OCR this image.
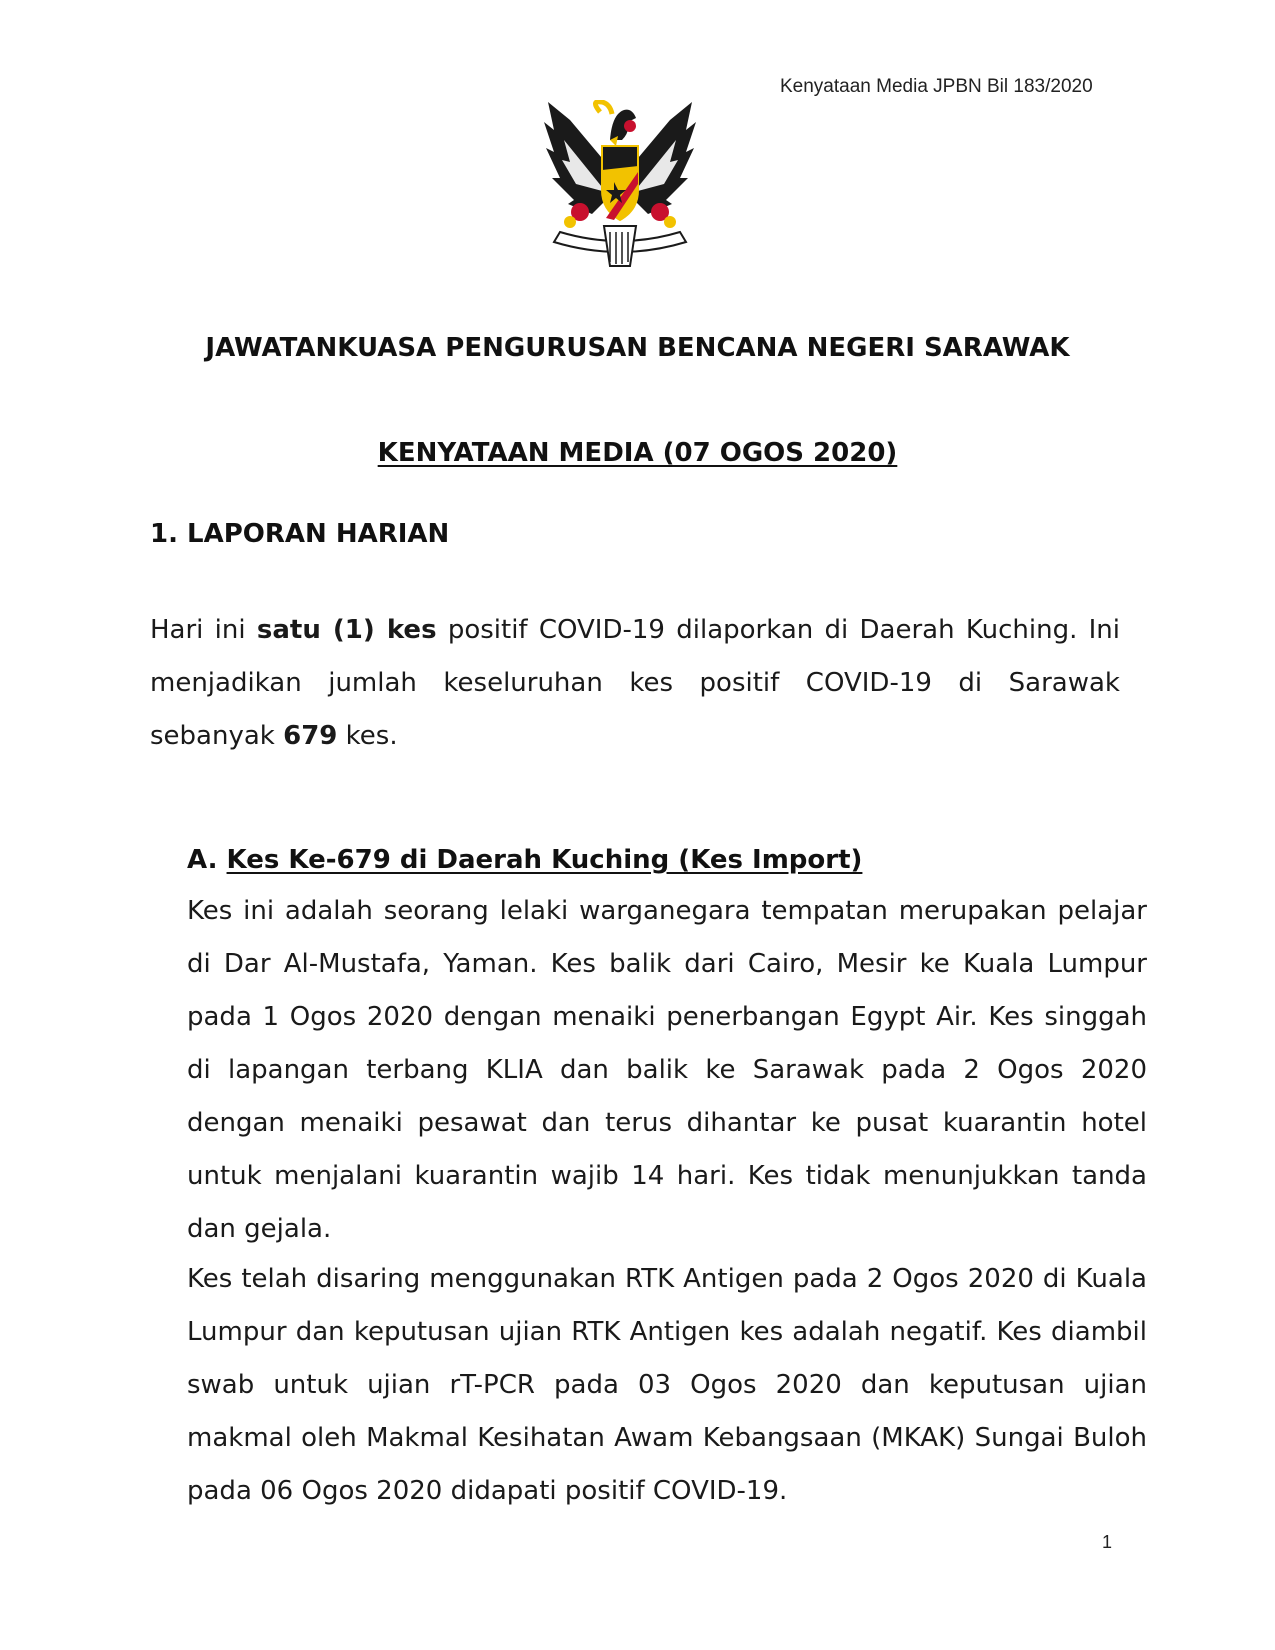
Kenyataan Media JPBN Bil 183/2020
JAWATANKUASA PENGURUSAN BENCANA NEGERI SARAWAK
KENYATAAN MEDIA (07 OGOS 2020)
1. LAPORAN HARIAN
Hari ini satu (1) kes positif COVID-19 dilaporkan di Daerah Kuching. Ini menjadikan jumlah keseluruhan kes positif COVID-19 di Sarawak sebanyak 679 kes.
A. Kes Ke-679 di Daerah Kuching (Kes Import)
Kes ini adalah seorang lelaki warganegara tempatan merupakan pelajar di Dar Al-Mustafa, Yaman. Kes balik dari Cairo, Mesir ke Kuala Lumpur pada 1 Ogos 2020 dengan menaiki penerbangan Egypt Air. Kes singgah di lapangan terbang KLIA dan balik ke Sarawak pada 2 Ogos 2020 dengan menaiki pesawat dan terus dihantar ke pusat kuarantin hotel untuk menjalani kuarantin wajib 14 hari. Kes tidak menunjukkan tanda dan gejala.
Kes telah disaring menggunakan RTK Antigen pada 2 Ogos 2020 di Kuala Lumpur dan keputusan ujian RTK Antigen kes adalah negatif. Kes diambil swab untuk ujian rT-PCR pada 03 Ogos 2020 dan keputusan ujian makmal oleh Makmal Kesihatan Awam Kebangsaan (MKAK) Sungai Buloh pada 06 Ogos 2020 didapati positif COVID-19.
1
